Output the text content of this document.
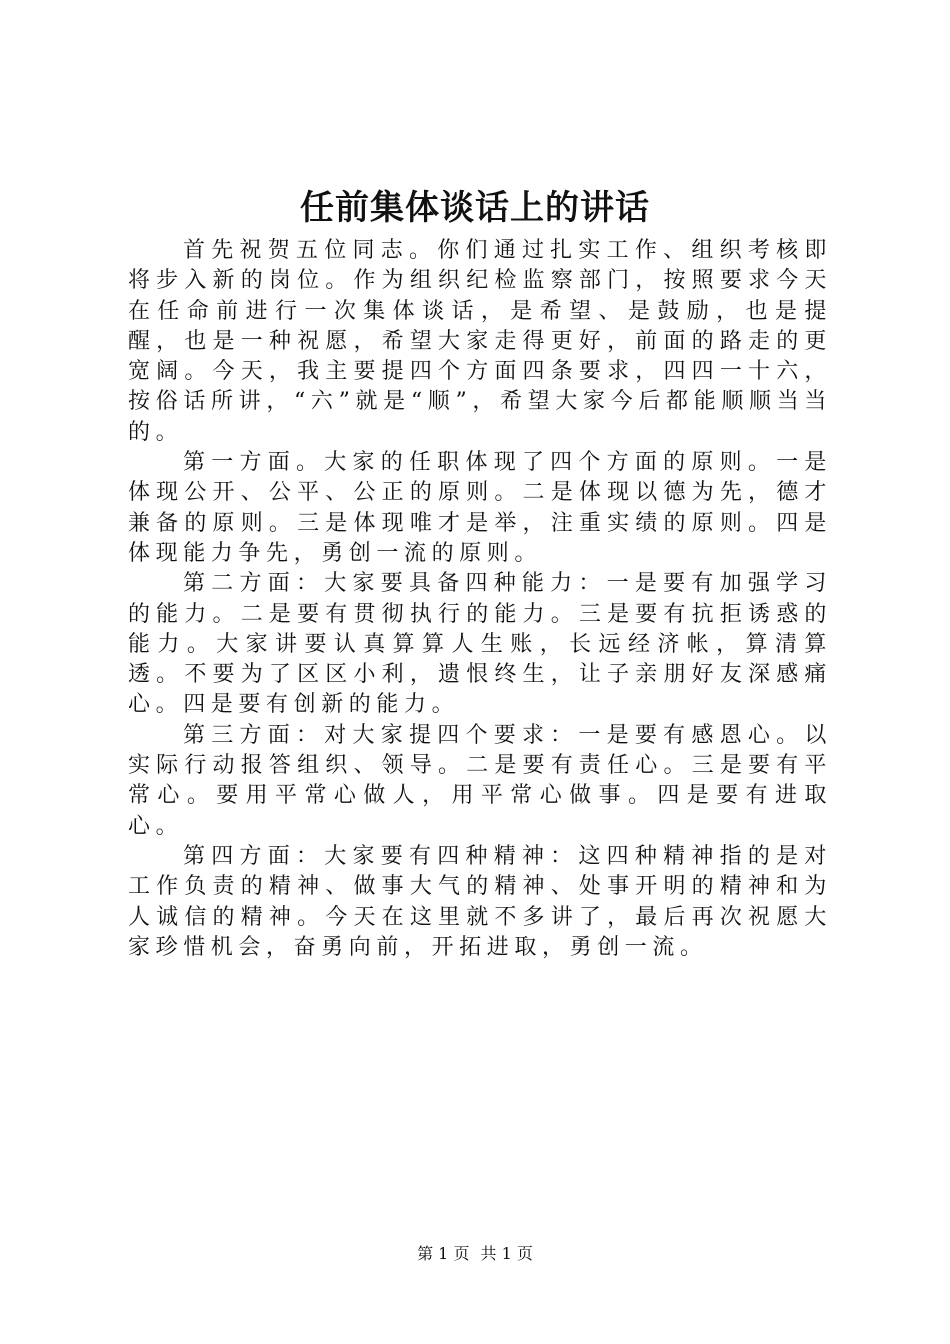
任前集体谈话上的讲话

首先祝贺五位同志。你们通过扎实工作、组织考核即将步入新的岗位。作为组织纪检监察部门，按照要求今天在任命前进行一次集体谈话，是希望、是鼓励，也是提醒，也是一种祝愿，希望大家走得更好，前面的路走的更宽阔。今天，我主要提四个方面四条要求，四四一十六，按俗话所讲，“六”就是“顺”，希望大家今后都能顺顺当当的。

第一方面。大家的任职体现了四个方面的原则。一是体现公开、公平、公正的原则。二是体现以德为先，德才兼备的原则。三是体现唯才是举，注重实绩的原则。四是体现能力争先，勇创一流的原则。

第二方面：大家要具备四种能力：一是要有加强学习的能力。二是要有贯彻执行的能力。三是要有抗拒诱惑的能力。大家讲要认真算算人生账，长远经济帐，算清算透。不要为了区区小利，遗恨终生，让子亲朋好友深感痛心。四是要有创新的能力。

第三方面：对大家提四个要求：一是要有感恩心。以实际行动报答组织、领导。二是要有责任心。三是要有平常心。要用平常心做人，用平常心做事。四是要有进取心。

第四方面：大家要有四种精神：这四种精神指的是对工作负责的精神、做事大气的精神、处事开明的精神和为人诚信的精神。今天在这里就不多讲了，最后再次祝愿大家珍惜机会，奋勇向前，开拓进取，勇创一流。

第 1 页 共 1 页
